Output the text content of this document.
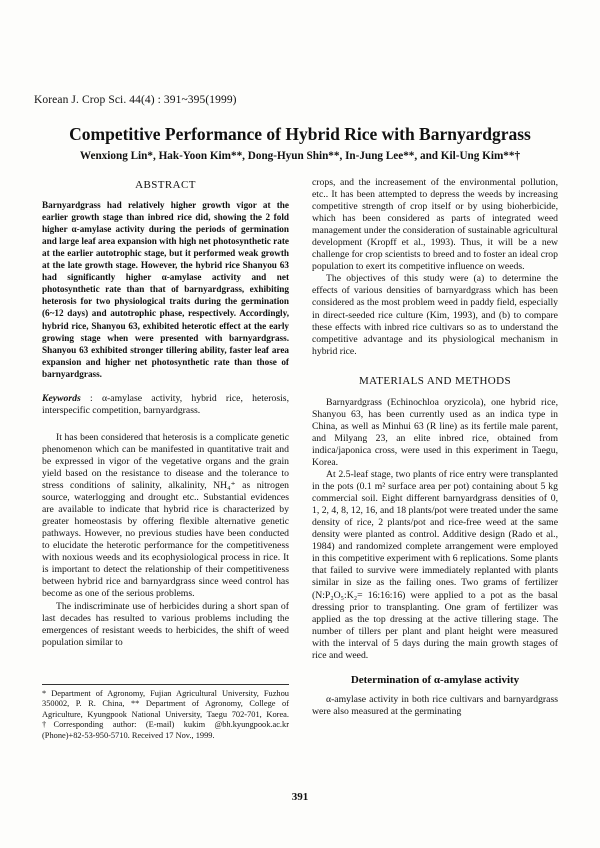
Korean J. Crop Sci. 44(4) : 391~395(1999)
Competitive Performance of Hybrid Rice with Barnyardgrass
Wenxiong Lin*, Hak-Yoon Kim**, Dong-Hyun Shin**, In-Jung Lee**, and Kil-Ung Kim**†
ABSTRACT

Barnyardgrass had relatively higher growth vigor at the earlier growth stage than inbred rice did, showing the 2 fold higher α-amylase activity during the periods of germination and large leaf area expansion with high net photosynthetic rate at the earlier autotrophic stage, but it performed weak growth at the late growth stage. However, the hybrid rice Shanyou 63 had significantly higher α-amylase activity and net photosynthetic rate than that of barnyardgrass, exhibiting heterosis for two physiological traits during the germination (6~12 days) and autotrophic phase, respectively. Accordingly, hybrid rice, Shanyou 63, exhibited heterotic effect at the early growing stage when were presented with barnyardgrass. Shanyou 63 exhibited stronger tillering ability, faster leaf area expansion and higher net photosynthetic rate than those of barnyardgrass.

Keywords : α-amylase activity, hybrid rice, heterosis, interspecific competition, barnyardgrass.

It has been considered that heterosis is a complicate genetic phenomenon which can be manifested in quantitative trait and be expressed in vigor of the vegetative organs and the grain yield based on the resistance to disease and the tolerance to stress conditions of salinity, alkalinity, NH₄⁺ as nitrogen source, waterlogging and drought etc.. Substantial evidences are available to indicate that hybrid rice is characterized by greater homeostasis by offering flexible alternative genetic pathways. However, no previous studies have been conducted to elucidate the heterotic performance for the competitiveness with noxious weeds and its ecophysiological process in rice. It is important to detect the relationship of their competitiveness between hybrid rice and barnyardgrass since weed control has become as one of the serious problems.

The indiscriminate use of herbicides during a short span of last decades has resulted to various problems including the emergences of resistant weeds to herbicides, the shift of weed population similar to

* Department of Agronomy, Fujian Agricultural University, Fuzhou 350002, P. R. China, ** Department of Agronomy, College of Agriculture, Kyungpook National University, Taegu 702-701, Korea. †Corresponding author: (E-mail) kukim @bh.kyungpook.ac.kr (Phone)+82-53-950-5710. Received 17 Nov., 1999.

crops, and the increasement of the environmental pollution, etc.. It has been attempted to depress the weeds by increasing competitive strength of crop itself or by using bioherbicide, which has been considered as parts of integrated weed management under the consideration of sustainable agricultural development (Kropff et al., 1993). Thus, it will be a new challenge for crop scientists to breed and to foster an ideal crop population to exert its competitive influence on weeds.

The objectives of this study were (a) to determine the effects of various densities of barnyardgrass which has been considered as the most problem weed in paddy field, especially in direct-seeded rice culture (Kim, 1993), and (b) to compare these effects with inbred rice cultivars so as to understand the competitive advantage and its physiological mechanism in hybrid rice.

MATERIALS AND METHODS

Barnyardgrass (Echinochloa oryzicola), one hybrid rice, Shanyou 63, has been currently used as an indica type in China, as well as Minhui 63 (R line) as its fertile male parent, and Milyang 23, an elite inbred rice, obtained from indica/japonica cross, were used in this experiment in Taegu, Korea.

At 2.5-leaf stage, two plants of rice entry were transplanted in the pots (0.1 m² surface area per pot) containing about 5 kg commercial soil. Eight different barnyardgrass densities of 0, 1, 2, 4, 8, 12, 16, and 18 plants/pot were treated under the same density of rice, 2 plants/pot and rice-free weed at the same density were planted as control. Additive design (Rado et al., 1984) and randomized complete arrangement were employed in this competitive experiment with 6 replications. Some plants that failed to survive were immediately replanted with plants similar in size as the failing ones. Two grams of fertilizer (N:P₂O₅:K₂= 16:16:16) were applied to a pot as the basal dressing prior to transplanting. One gram of fertilizer was applied as the top dressing at the active tillering stage. The number of tillers per plant and plant height were measured with the interval of 5 days during the main growth stages of rice and weed.

Determination of α-amylase activity

α-amylase activity in both rice cultivars and barnyardgrass were also measured at the germinating

391
